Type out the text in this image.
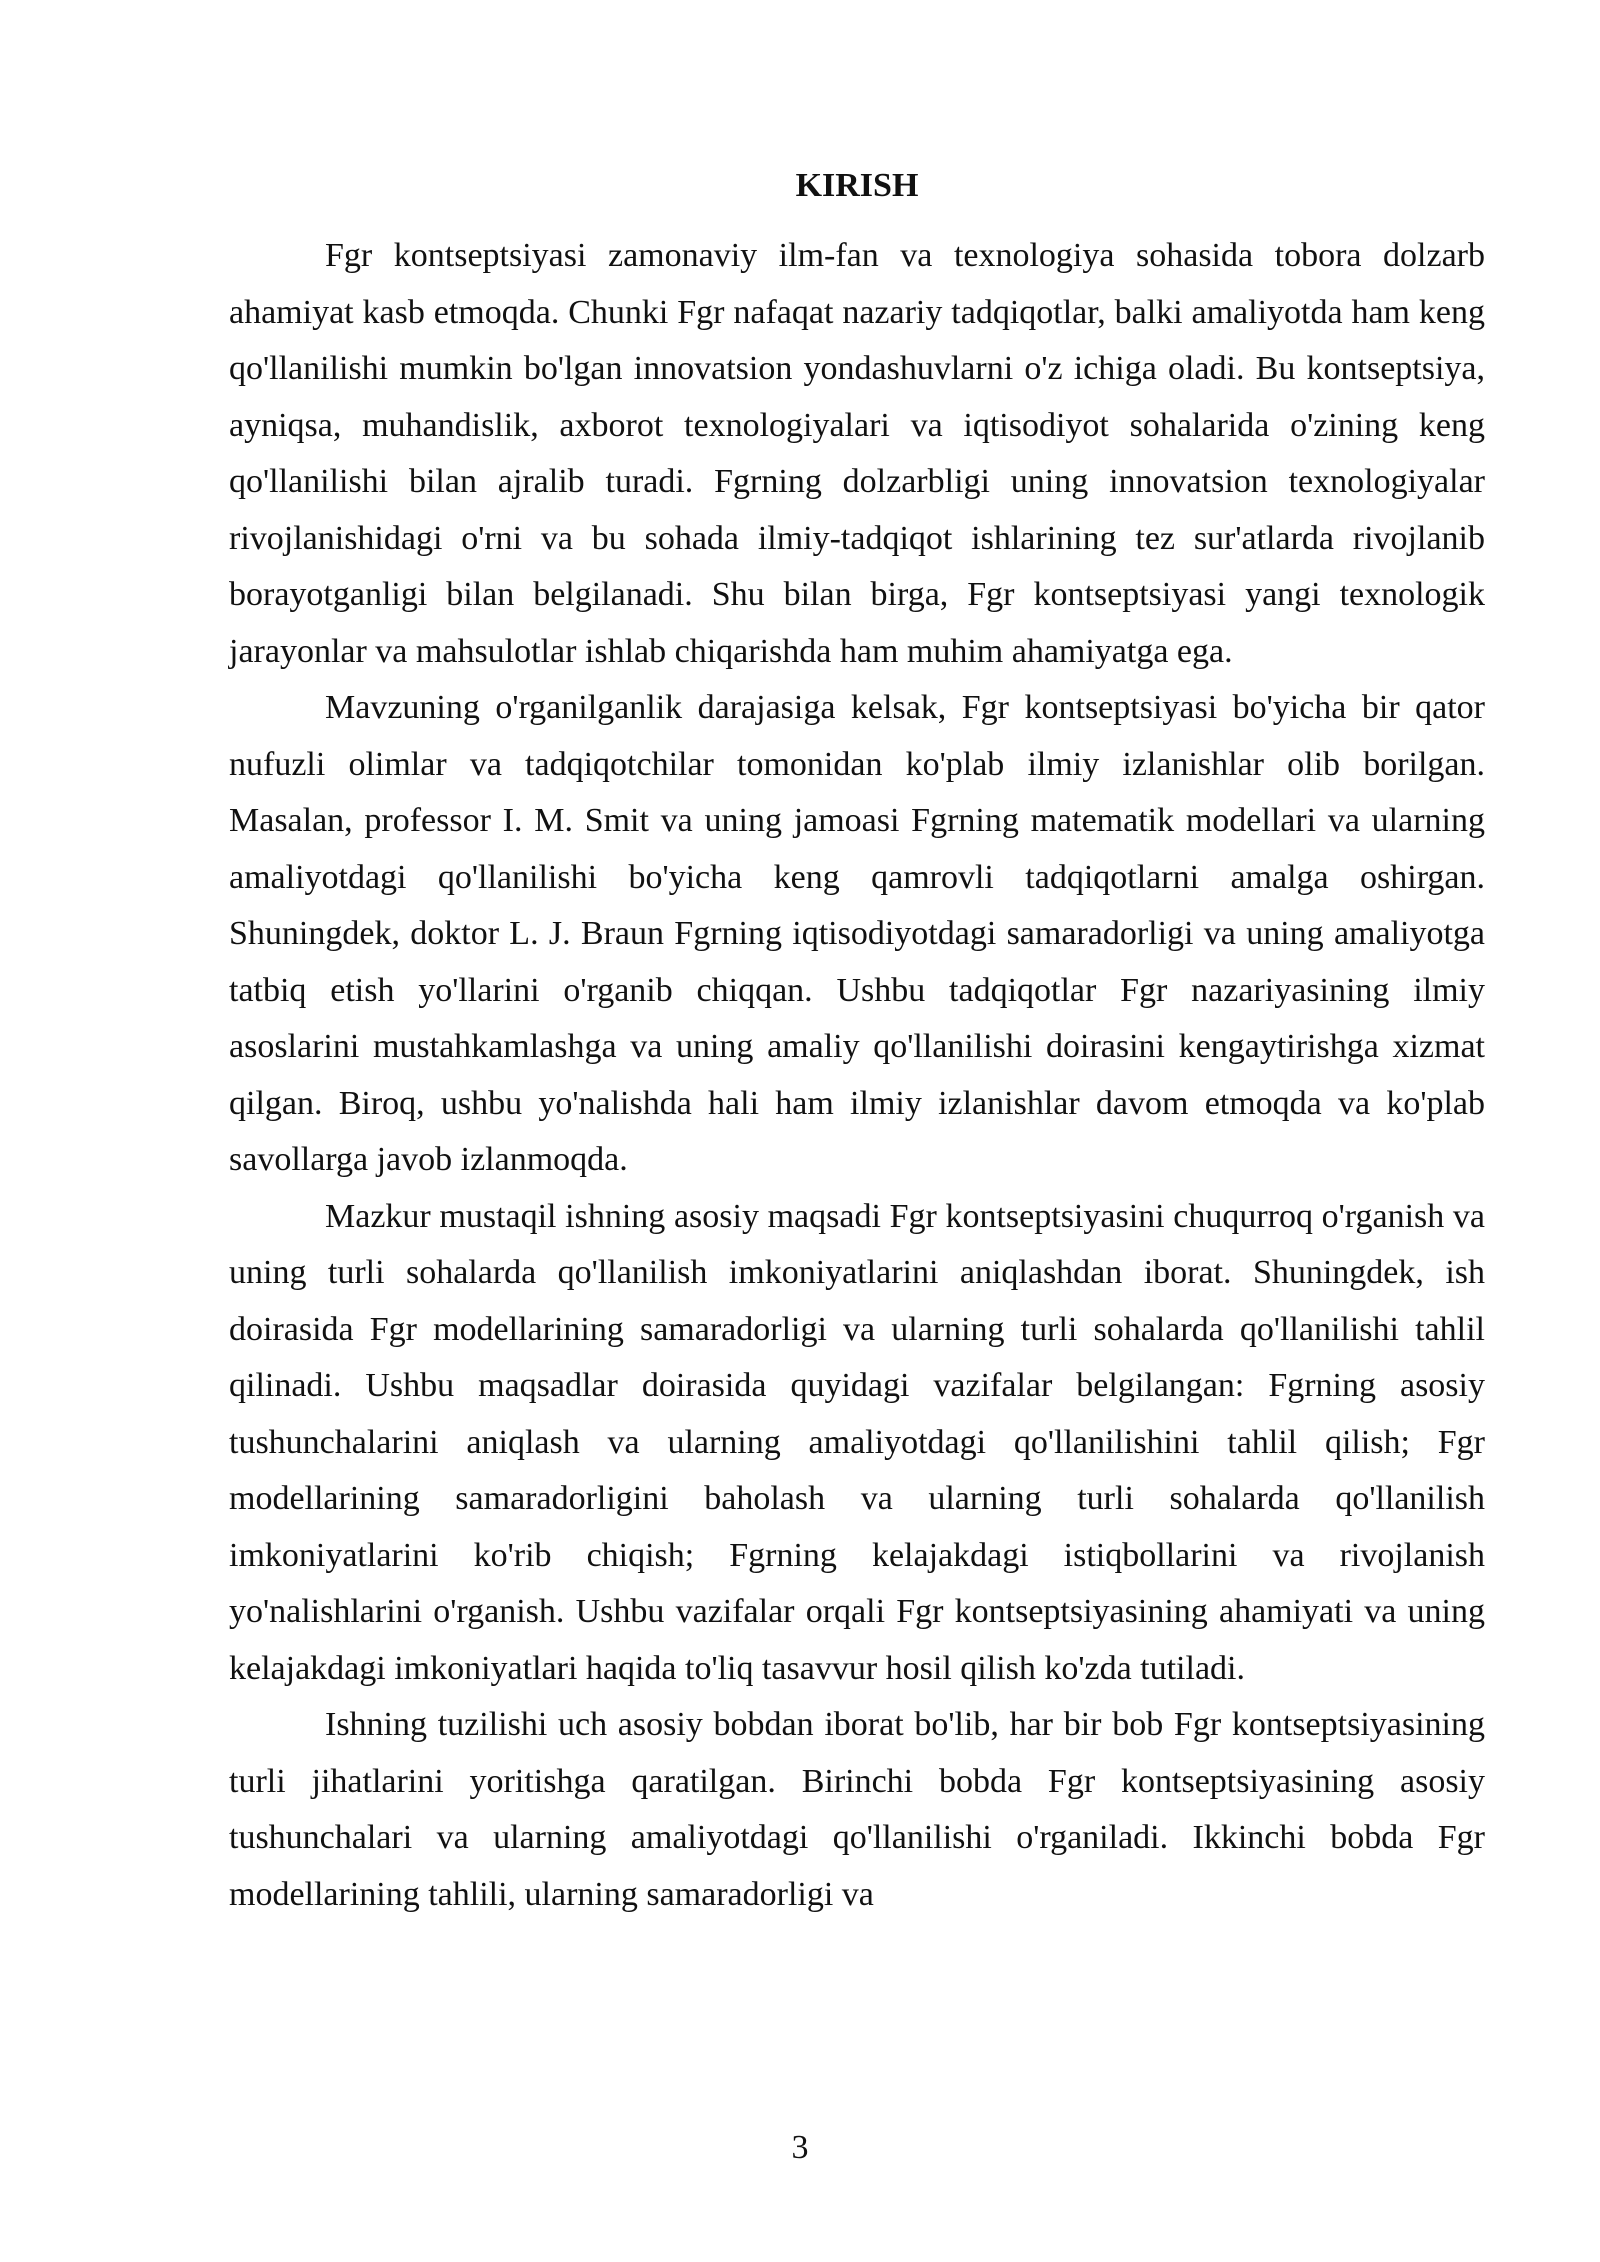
KIRISH

Fgr kontseptsiyasi zamonaviy ilm-fan va texnologiya sohasida tobora dolzarb ahamiyat kasb etmoqda. Chunki Fgr nafaqat nazariy tadqiqotlar, balki amaliyotda ham keng qo'llanilishi mumkin bo'lgan innovatsion yondashuvlarni o'z ichiga oladi. Bu kontseptsiya, ayniqsa, muhandislik, axborot texnologiyalari va iqtisodiyot sohalarida o'zining keng qo'llanilishi bilan ajralib turadi. Fgrning dolzarbligi uning innovatsion texnologiyalar rivojlanishidagi o'rni va bu sohada ilmiy-tadqiqot ishlarining tez sur'atlarda rivojlanib borayotganligi bilan belgilanadi. Shu bilan birga, Fgr kontseptsiyasi yangi texnologik jarayonlar va mahsulotlar ishlab chiqarishda ham muhim ahamiyatga ega.

Mavzuning o'rganilganlik darajasiga kelsak, Fgr kontseptsiyasi bo'yicha bir qator nufuzli olimlar va tadqiqotchilar tomonidan ko'plab ilmiy izlanishlar olib borilgan. Masalan, professor I. M. Smit va uning jamoasi Fgrning matematik modellari va ularning amaliyotdagi qo'llanilishi bo'yicha keng qamrovli tadqiqotlarni amalga oshirgan. Shuningdek, doktor L. J. Braun Fgrning iqtisodiyotdagi samaradorligi va uning amaliyotga tatbiq etish yo'llarini o'rganib chiqqan. Ushbu tadqiqotlar Fgr nazariyasining ilmiy asoslarini mustahkamlashga va uning amaliy qo'llanilishi doirasini kengaytirishga xizmat qilgan. Biroq, ushbu yo'nalishda hali ham ilmiy izlanishlar davom etmoqda va ko'plab savollarga javob izlanmoqda.

Mazkur mustaqil ishning asosiy maqsadi Fgr kontseptsiyasini chuqurroq o'rganish va uning turli sohalarda qo'llanilish imkoniyatlarini aniqlashdan iborat. Shuningdek, ish doirasida Fgr modellarining samaradorligi va ularning turli sohalarda qo'llanilishi tahlil qilinadi. Ushbu maqsadlar doirasida quyidagi vazifalar belgilangan: Fgrning asosiy tushunchalarini aniqlash va ularning amaliyotdagi qo'llanilishini tahlil qilish; Fgr modellarining samaradorligini baholash va ularning turli sohalarda qo'llanilish imkoniyatlarini ko'rib chiqish; Fgrning kelajakdagi istiqbollarini va rivojlanish yo'nalishlarini o'rganish. Ushbu vazifalar orqali Fgr kontseptsiyasining ahamiyati va uning kelajakdagi imkoniyatlari haqida to'liq tasavvur hosil qilish ko'zda tutiladi.

Ishning tuzilishi uch asosiy bobdan iborat bo'lib, har bir bob Fgr kontseptsiyasining turli jihatlarini yoritishga qaratilgan. Birinchi bobda Fgr kontseptsiyasining asosiy tushunchalari va ularning amaliyotdagi qo'llanilishi o'rganiladi. Ikkinchi bobda Fgr modellarining tahlili, ularning samaradorligi va

3
